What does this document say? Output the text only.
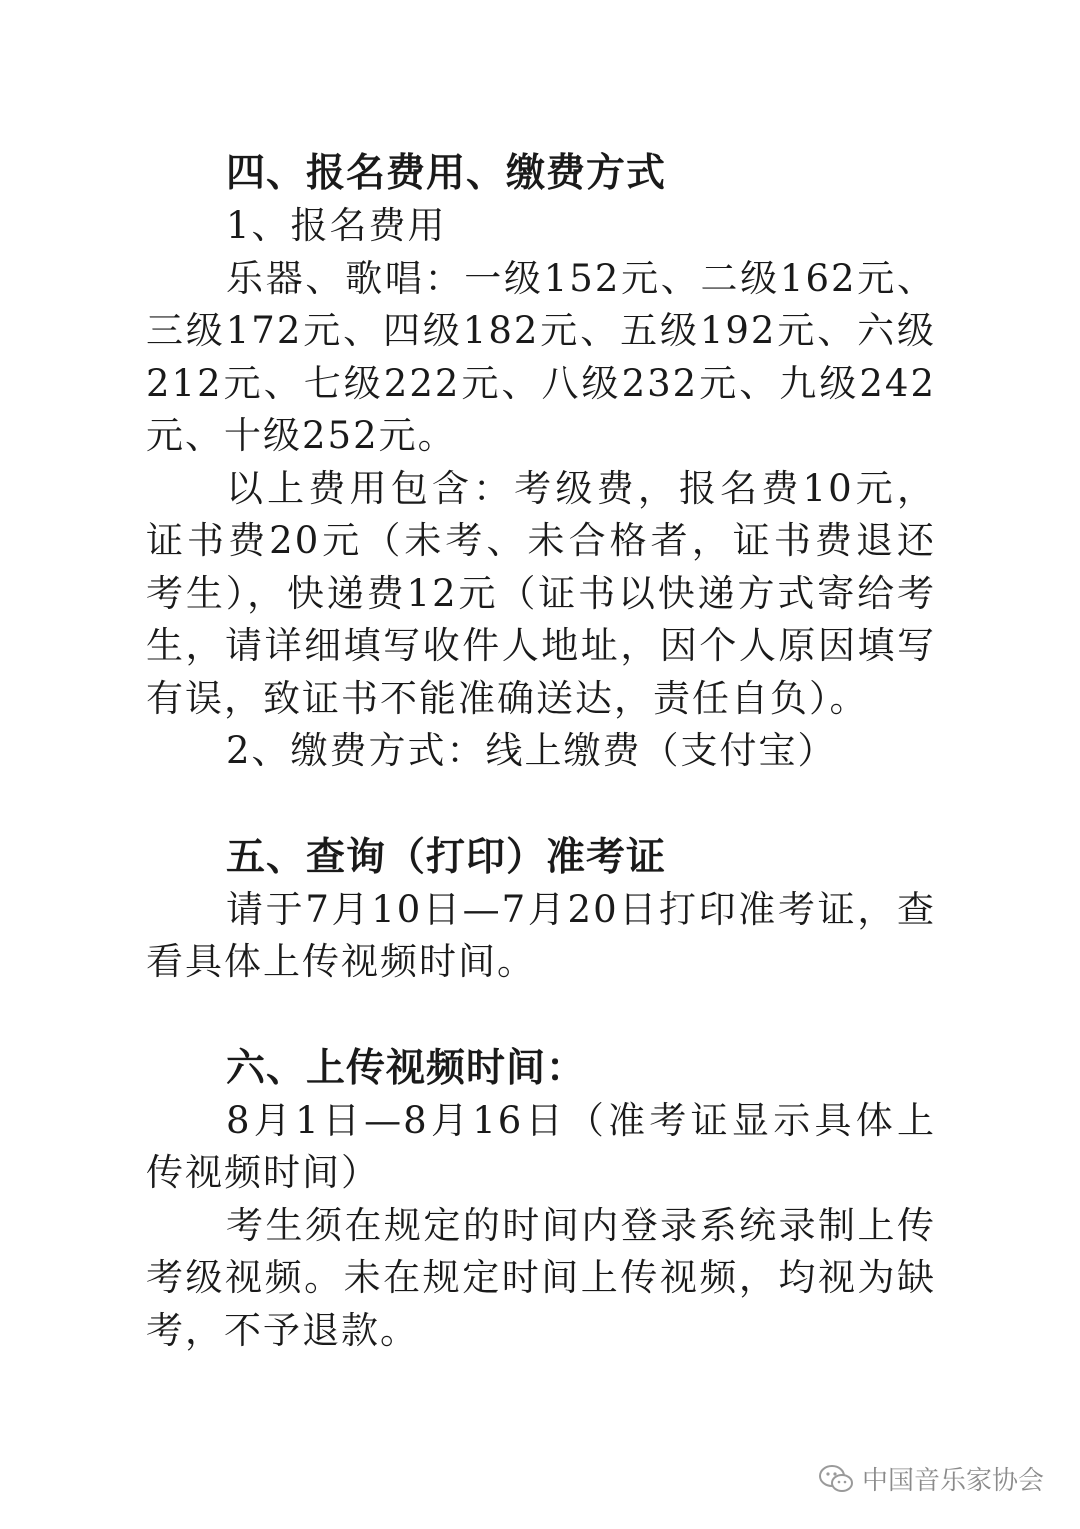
四、报名费用、缴费方式

1、报名费用

乐器、歌唱：一级152元、二级162元、三级172元、四级182元、五级192元、六级212元、七级222元、八级232元、九级242元、十级252元。

以上费用包含：考级费，报名费10元，证书费20元（未考、未合格者，证书费退还考生），快递费12元（证书以快递方式寄给考生，请详细填写收件人地址，因个人原因填写有误，致证书不能准确送达，责任自负）。

2、缴费方式：线上缴费（支付宝）

五、查询（打印）准考证

请于7月10日—7月20日打印准考证，查看具体上传视频时间。

六、上传视频时间：

8月1日—8月16日（准考证显示具体上传视频时间）

考生须在规定的时间内登录系统录制上传考级视频。未在规定时间上传视频，均视为缺考，不予退款。

中国音乐家协会
